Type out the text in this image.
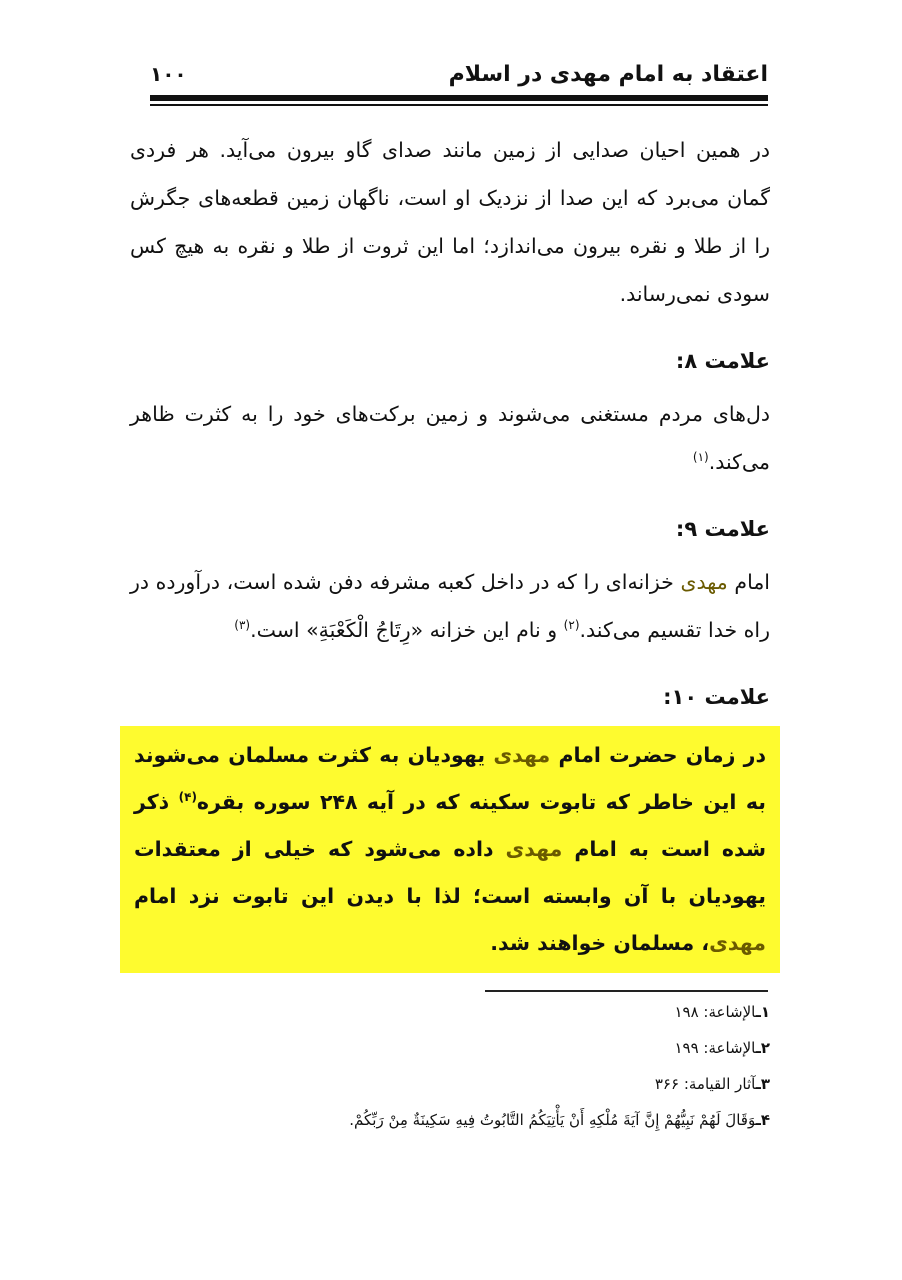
اعتقاد به امام مهدی در اسلام
۱۰۰

در همین احیان صدایی از زمین مانند صدای گاو بیرون می‌آید. هر فردی گمان می‌برد که این صدا از نزدیک او است، ناگهان زمین قطعه‌های جگرش را از طلا و نقره بیرون می‌اندازد؛ اما این ثروت از طلا و نقره به هیچ کس سودی نمی‌رساند.

علامت ۸:

دل‌های مردم مستغنی می‌شوند و زمین برکت‌های خود را به کثرت ظاهر می‌کند.$^{(۱)}$

علامت ۹:

امام مهدی خزانه‌ای را که در داخل کعبه مشرفه دفن شده است، درآورده در راه خدا تقسیم می‌کند.$^{(۲)}$ و نام این خزانه «رِتَاجُ الْكَعْبَةِ» است.$^{(۳)}$

علامت ۱۰:

در زمان حضرت امام مهدی یهودیان به کثرت مسلمان می‌شوند به این خاطر که تابوت سکینه که در آیه ۲۴۸ سوره بقره$^{(۴)}$ ذکر شده است به امام مهدی داده می‌شود که خیلی از معتقدات یهودیان با آن وابسته است؛ لذا با دیدن این تابوت نزد امام مهدی، مسلمان خواهند شد.

۱ـالإشاعة: ۱۹۸
۲ـالإشاعة: ۱۹۹
۳ـآثار القیامة: ۳۶۶
۴ـوَقَالَ لَهُمْ نَبِيُّهُمْ إِنَّ آيَةَ مُلْكِهِ أَنْ يَأْتِيَكُمُ التَّابُوتُ فِيهِ سَكِينَةٌ مِنْ رَبِّكُمْ.
